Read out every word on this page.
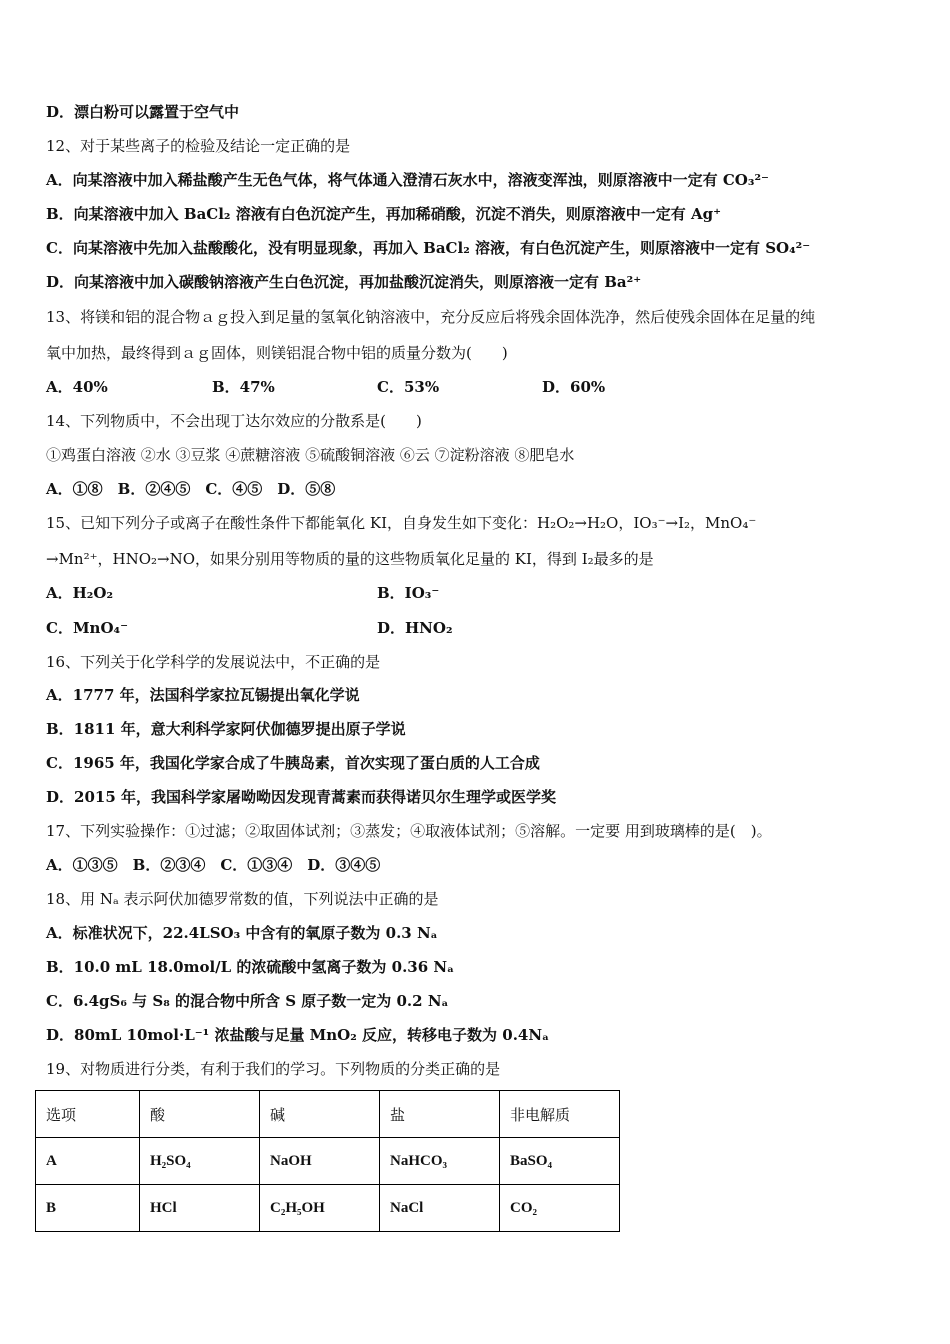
D．漂白粉可以露置于空气中
12、对于某些离子的检验及结论一定正确的是
A．向某溶液中加入稀盐酸产生无色气体，将气体通入澄清石灰水中，溶液变浑浊，则原溶液中一定有 CO₃²⁻
B．向某溶液中加入 BaCl₂ 溶液有白色沉淀产生，再加稀硝酸，沉淀不消失，则原溶液中一定有 Ag⁺
C．向某溶液中先加入盐酸酸化，没有明显现象，再加入 BaCl₂ 溶液，有白色沉淀产生，则原溶液中一定有 SO₄²⁻
D．向某溶液中加入碳酸钠溶液产生白色沉淀，再加盐酸沉淀消失，则原溶液一定有 Ba²⁺
13、将镁和铝的混合物ａｇ投入到足量的氢氧化钠溶液中，充分反应后将残余固体洗净，然后使残余固体在足量的纯
氧中加热，最终得到ａｇ固体，则镁铝混合物中铝的质量分数为(　　)
A．40%	B．47%	C．53%	D．60%
14、下列物质中，不会出现丁达尔效应的分散系是(　　)
①鸡蛋白溶液 ②水 ③豆浆 ④蔗糖溶液 ⑤硫酸铜溶液 ⑥云 ⑦淀粉溶液 ⑧肥皂水
A．①⑧　B．②④⑤　C．④⑤　D．⑤⑧
15、已知下列分子或离子在酸性条件下都能氧化 KI，自身发生如下变化：H₂O₂→H₂O，IO₃⁻→I₂，MnO₄⁻
→Mn²⁺，HNO₂→NO，如果分别用等物质的量的这些物质氧化足量的 KI，得到 I₂最多的是
A．H₂O₂	B．IO₃⁻
C．MnO₄⁻	D．HNO₂
16、下列关于化学科学的发展说法中，不正确的是
A．1777 年，法国科学家拉瓦锡提出氧化学说
B．1811 年，意大利科学家阿伏伽德罗提出原子学说
C．1965 年，我国化学家合成了牛胰岛素，首次实现了蛋白质的人工合成
D．2015 年，我国科学家屠呦呦因发现青蒿素而获得诺贝尔生理学或医学奖
17、下列实验操作：①过滤；②取固体试剂；③蒸发；④取液体试剂；⑤溶解。一定要 用到玻璃棒的是(　)。
A．①③⑤　B．②③④　C．①③④　D．③④⑤
18、用 Nₐ 表示阿伏加德罗常数的值，下列说法中正确的是
A．标准状况下，22.4LSO₃ 中含有的氧原子数为 0.3 Nₐ
B．10.0 mL 18.0mol/L 的浓硫酸中氢离子数为 0.36 Nₐ
C．6.4gS₆ 与 S₈ 的混合物中所含 S 原子数一定为 0.2 Nₐ
D．80mL 10mol·L⁻¹ 浓盐酸与足量 MnO₂ 反应，转移电子数为 0.4Nₐ
19、对物质进行分类，有利于我们的学习。下列物质的分类正确的是
选项	酸	碱	盐	非电解质
A	H₂SO₄	NaOH	NaHCO₃	BaSO₄
B	HCl	C₂H₅OH	NaCl	CO₂
